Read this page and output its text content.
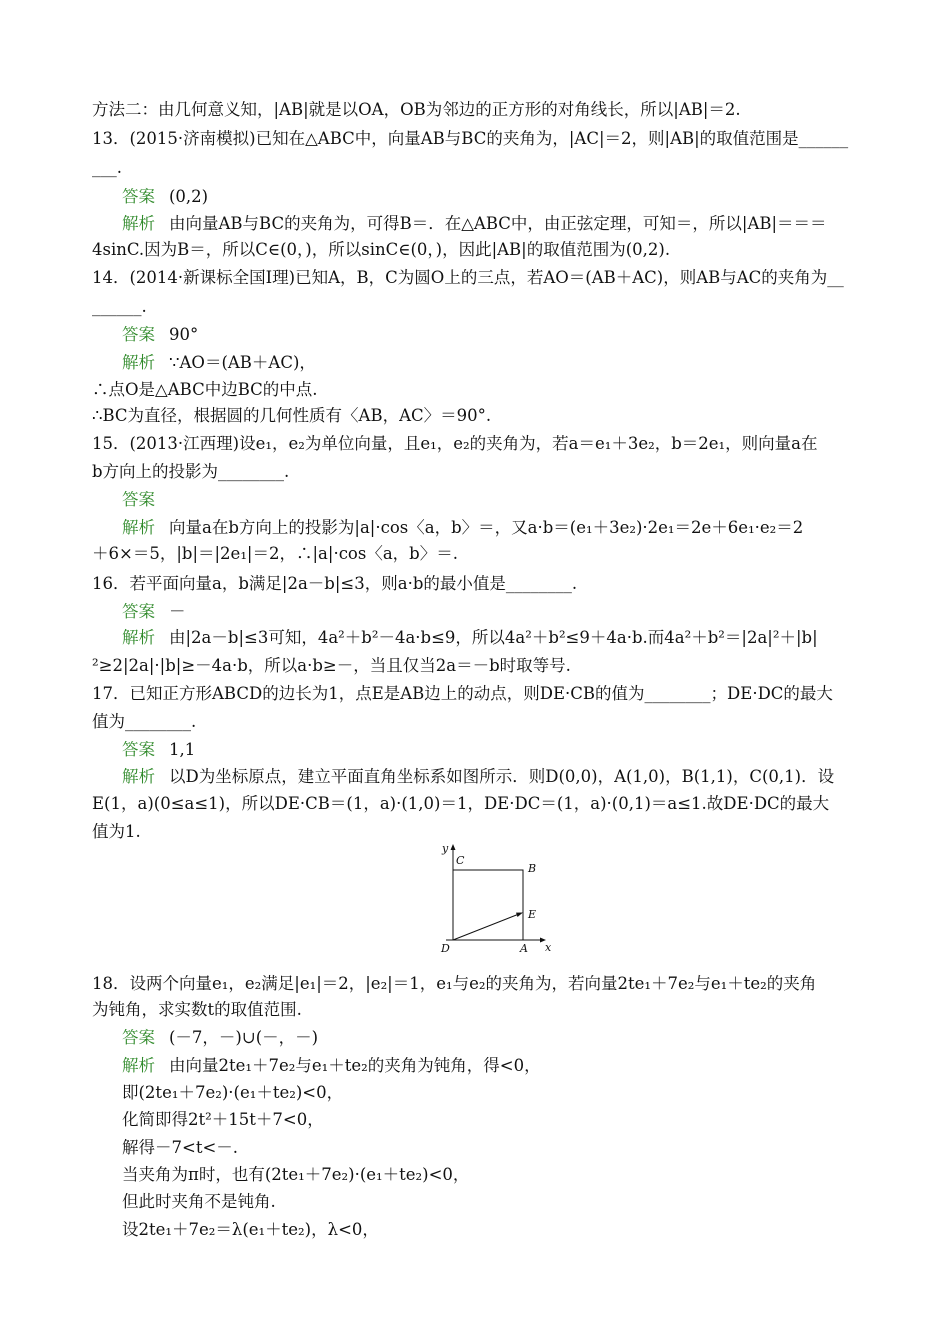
方法二：由几何意义知，|AB|就是以OA，OB为邻边的正方形的对角线长，所以|AB|＝2.
13．(2015·济南模拟)已知在△ABC中，向量AB与BC的夹角为，|AC|＝2，则|AB|的取值范围是______
___.
答案 (0,2)
解析 由向量AB与BC的夹角为，可得B＝．在△ABC中，由正弦定理，可知＝，所以|AB|＝＝＝
4sinC.因为B＝，所以C∈(0，)，所以sinC∈(0，)，因此|AB|的取值范围为(0,2).
14．(2014·新课标全国Ⅰ理)已知A，B，C为圆O上的三点，若AO＝(AB＋AC)，则AB与AC的夹角为__
______.
答案 90°
解析 ∵AO＝(AB＋AC)，
∴点O是△ABC中边BC的中点.
∴BC为直径，根据圆的几何性质有〈AB，AC〉＝90°.
15．(2013·江西理)设e₁，e₂为单位向量，且e₁，e₂的夹角为，若a＝e₁＋3e₂，b＝2e₁，则向量a在
b方向上的投影为________.
答案
解析 向量a在b方向上的投影为|a|·cos〈a，b〉＝，又a·b＝(e₁＋3e₂)·2e₁＝2e＋6e₁·e₂＝2
＋6×＝5，|b|＝|2e₁|＝2，∴|a|·cos〈a，b〉＝.
16．若平面向量a，b满足|2a－b|≤3，则a·b的最小值是________.
答案 －
解析 由|2a－b|≤3可知，4a²＋b²－4a·b≤9，所以4a²＋b²≤9＋4a·b.而4a²＋b²＝|2a|²＋|b|
²≥2|2a|·|b|≥－4a·b，所以a·b≥－，当且仅当2a＝－b时取等号.
17．已知正方形ABCD的边长为1，点E是AB边上的动点，则DE·CB的值为________；DE·DC的最大
值为________.
答案 1,1
解析 以D为坐标原点，建立平面直角坐标系如图所示．则D(0,0)，A(1,0)，B(1,1)，C(0,1)．设
E(1，a)(0≤a≤1)，所以DE·CB＝(1，a)·(1,0)＝1，DE·DC＝(1，a)·(0,1)＝a≤1.故DE·DC的最大
值为1.
18．设两个向量e₁，e₂满足|e₁|＝2，|e₂|＝1，e₁与e₂的夹角为，若向量2te₁＋7e₂与e₁＋te₂的夹角
为钝角，求实数t的取值范围.
答案 (－7，－)∪(－，－)
解析 由向量2te₁＋7e₂与e₁＋te₂的夹角为钝角，得<0，
即(2te₁＋7e₂)·(e₁＋te₂)<0，
化简即得2t²＋15t＋7<0，
解得－7<t<－.
当夹角为π时，也有(2te₁＋7e₂)·(e₁＋te₂)<0，
但此时夹角不是钝角.
设2te₁＋7e₂＝λ(e₁＋te₂)，λ<0，
y
C
B
E
D	A x
